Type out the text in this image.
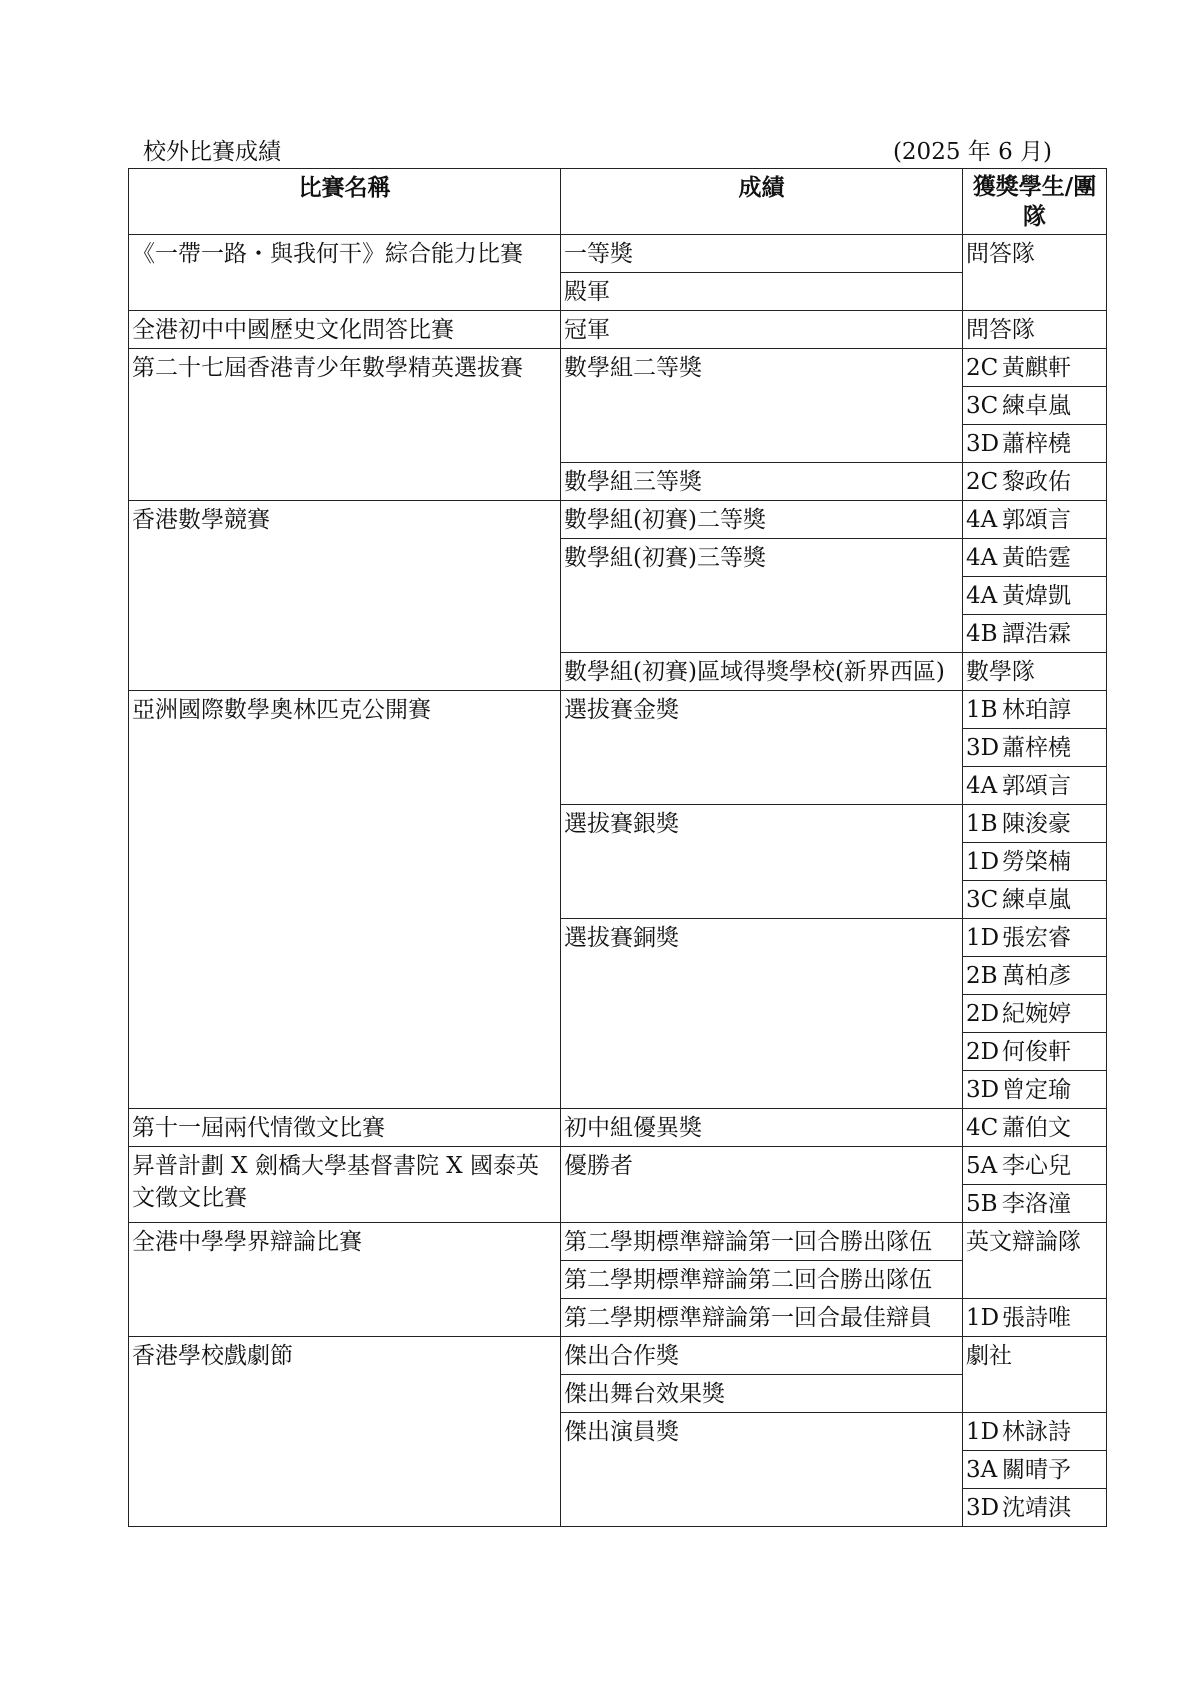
校外比賽成績	(2025 年 6 月)
比賽名稱	成績	獲獎學生/團隊
《一帶一路・與我何干》綜合能力比賽	一等獎	問答隊
	殿軍	
全港初中中國歷史文化問答比賽	冠軍	問答隊
第二十七屆香港青少年數學精英選拔賽	數學組二等獎	2C 黃麒軒
		3C 練卓嵐
		3D 蕭梓橈
	數學組三等獎	2C 黎政佑
香港數學競賽	數學組(初賽)二等獎	4A 郭頌言
	數學組(初賽)三等獎	4A 黃皓霆
		4A 黃煒凱
		4B 譚浩霖
	數學組(初賽)區域得獎學校(新界西區)	數學隊
亞洲國際數學奧林匹克公開賽	選拔賽金獎	1B 林珀諄
		3D 蕭梓橈
		4A 郭頌言
	選拔賽銀獎	1B 陳浚豪
		1D 勞棨楠
		3C 練卓嵐
	選拔賽銅獎	1D 張宏睿
		2B 萬柏彥
		2D 紀婉婷
		2D 何俊軒
		3D 曾定瑜
第十一屆兩代情徵文比賽	初中組優異獎	4C 蕭伯文
昇普計劃 X 劍橋大學基督書院 X 國泰英文徵文比賽	優勝者	5A 李心兒
		5B 李洛潼
全港中學學界辯論比賽	第二學期標準辯論第一回合勝出隊伍	英文辯論隊
	第二學期標準辯論第二回合勝出隊伍	
	第二學期標準辯論第一回合最佳辯員	1D 張詩唯
香港學校戲劇節	傑出合作獎	劇社
	傑出舞台效果獎	
	傑出演員獎	1D 林詠詩
		3A 關晴予
		3D 沈靖淇
